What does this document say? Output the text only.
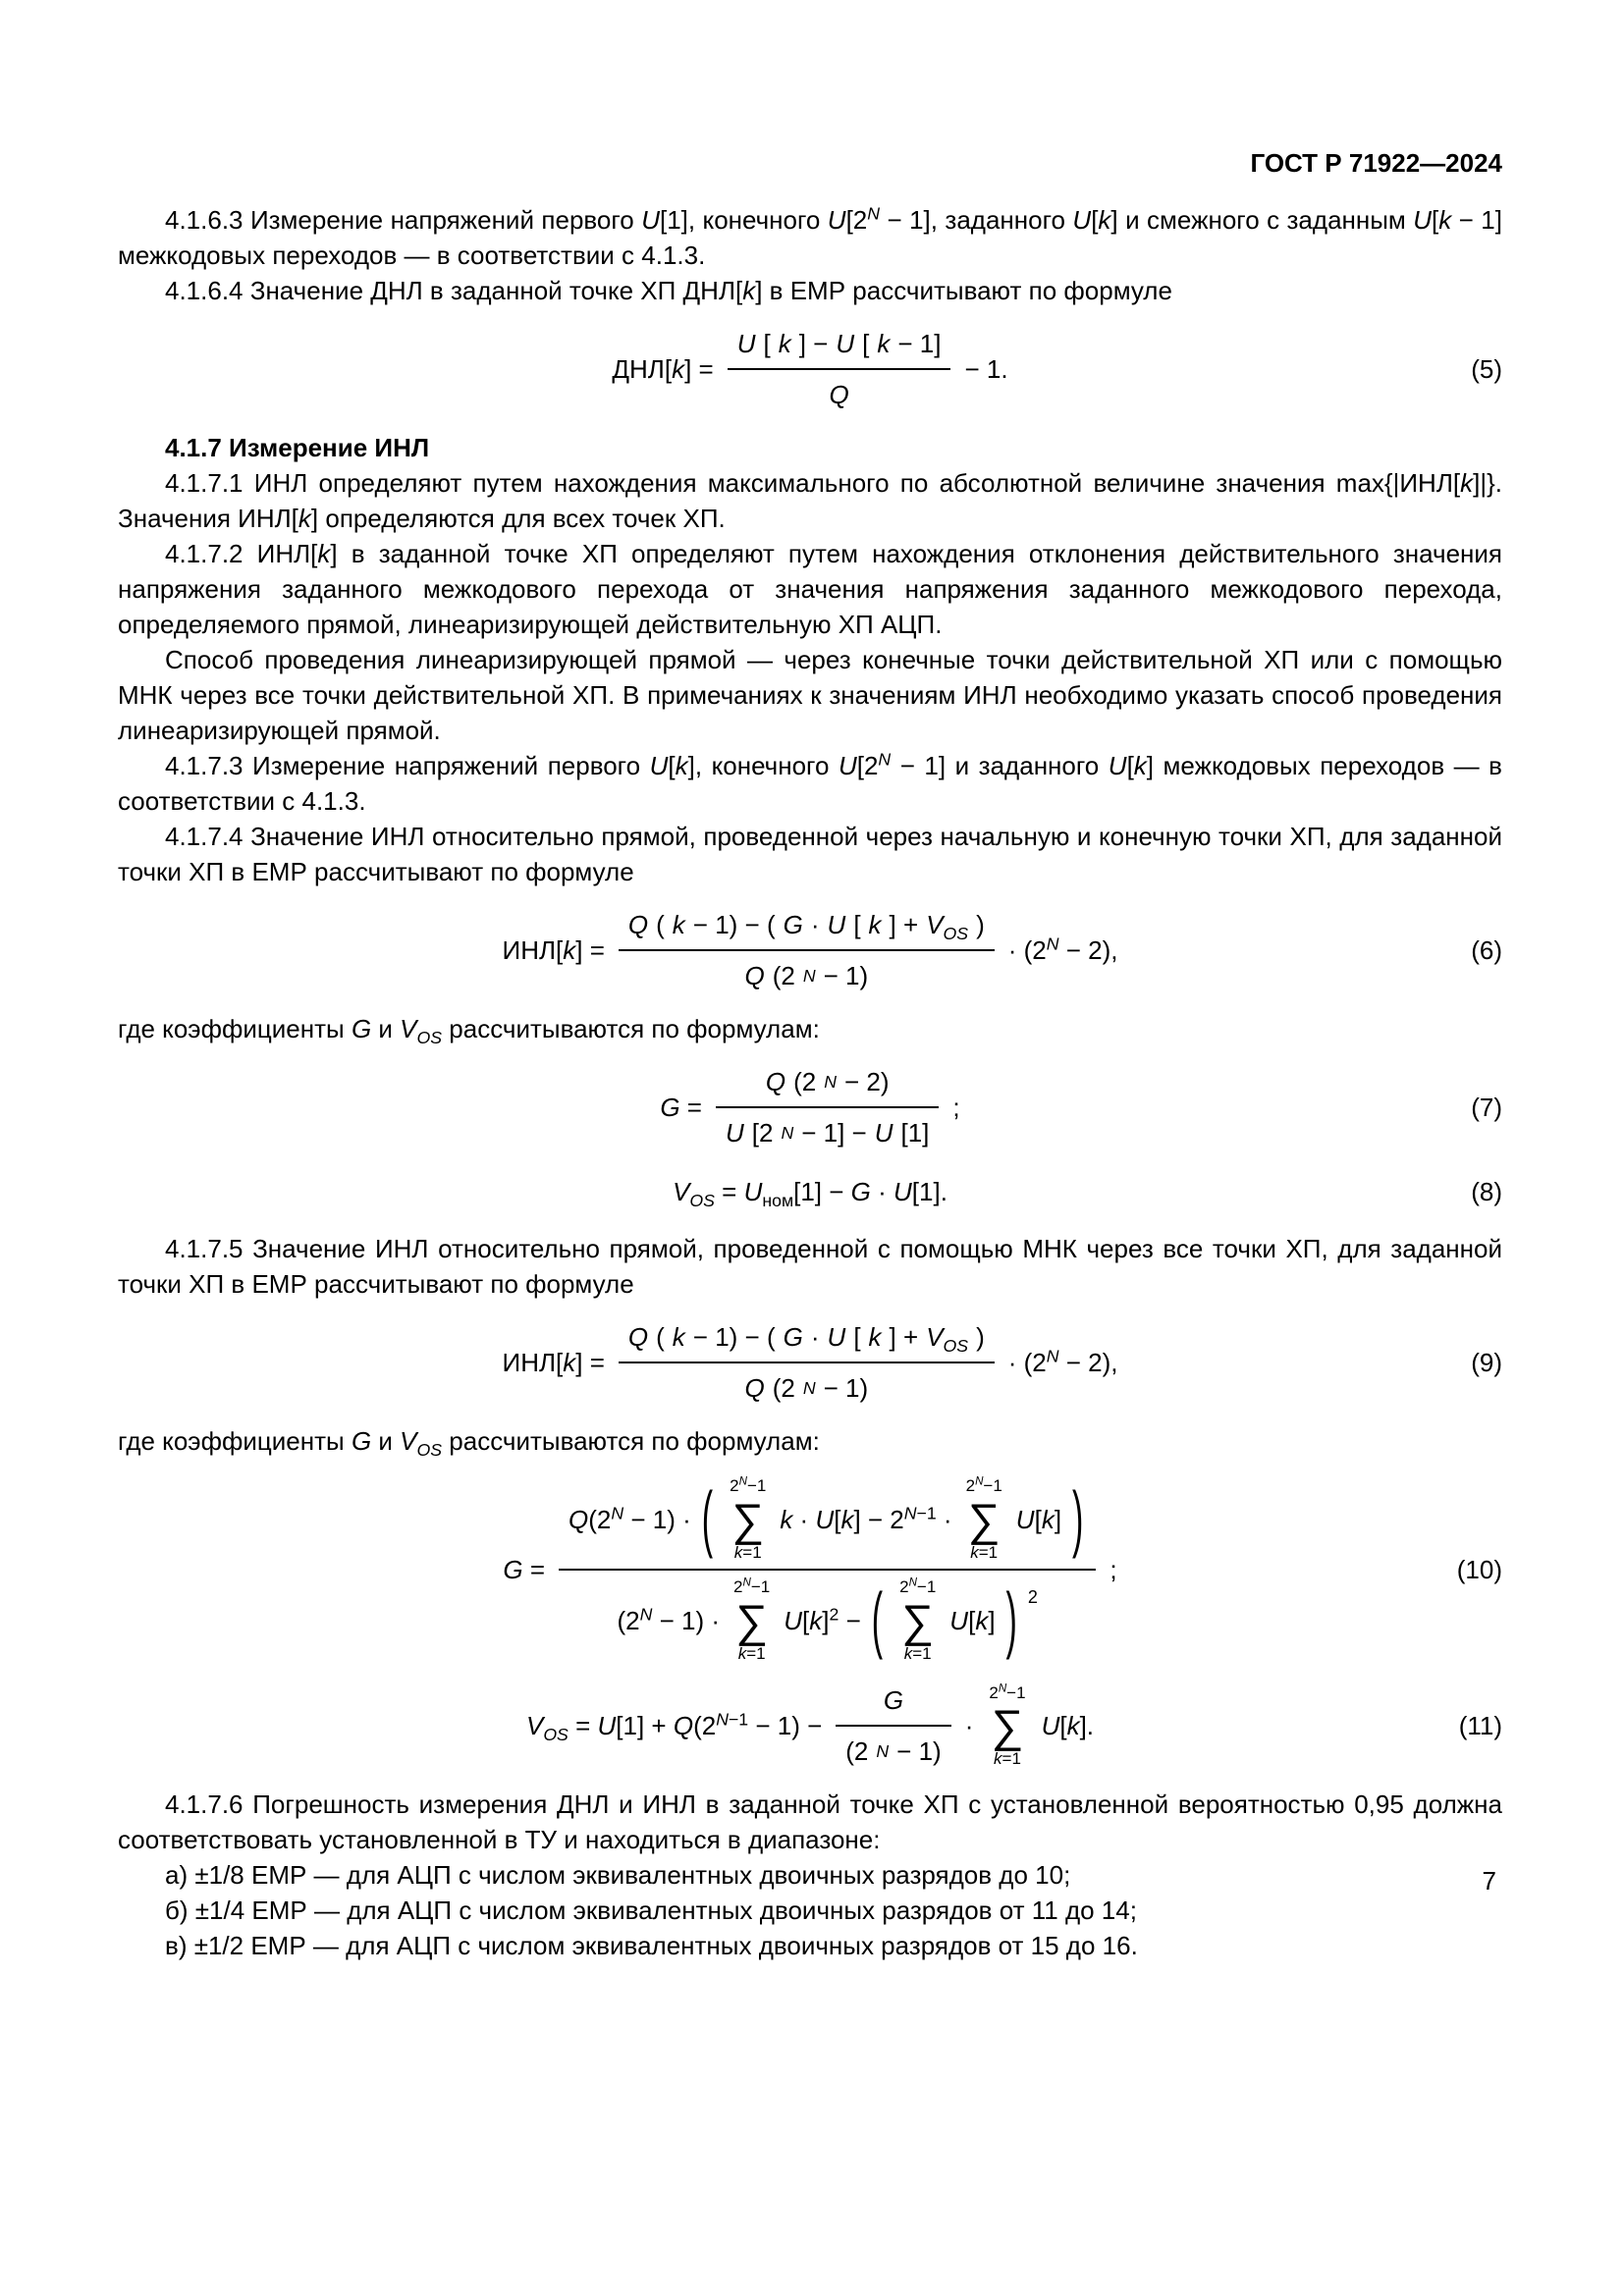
ГОСТ Р 71922—2024

4.1.6.3 Измерение напряжений первого U[1], конечного $U[2^N - 1]$, заданного U[k] и смежного с заданным U[k − 1] межкодовых переходов — в соответствии с 4.1.3.

4.1.6.4 Значение ДНЛ в заданной точке ХП ДНЛ[k] в ЕМР рассчитывают по формуле

$ДНЛ[k] = \frac{U [ k ] - U [ k - 1]}{Q} - 1$.	(5)

4.1.7 Измерение ИНЛ

4.1.7.1 ИНЛ определяют путем нахождения максимального по абсолютной величине значения max{|ИНЛ[k]|}. Значения ИНЛ[k] определяются для всех точек ХП.

4.1.7.2 ИНЛ[k] в заданной точке ХП определяют путем нахождения отклонения действительного значения напряжения заданного межкодового перехода от значения напряжения заданного межкодового перехода, определяемого прямой, линеаризирующей действительную ХП АЦП.

Способ проведения линеаризирующей прямой — через конечные точки действительной ХП или с помощью МНК через все точки действительной ХП. В примечаниях к значениям ИНЛ необходимо указать способ проведения линеаризирующей прямой.

4.1.7.3 Измерение напряжений первого U[k], конечного $U[2^N - 1]$ и заданного U[k] межкодовых переходов — в соответствии с 4.1.3.

4.1.7.4 Значение ИНЛ относительно прямой, проведенной через начальную и конечную точки ХП, для заданной точки ХП в ЕМР рассчитывают по формуле

$ИНЛ[k] = \frac{Q ( k - 1) - ( G \cdot U [ k ] + V_{OS} )}{Q (2 N - 1)} \cdot (2^N - 2)$,	(6)

где коэффициенты G и $V_{OS}$ рассчитываются по формулам:

$G = \frac{Q (2 N - 2)}{U [2 N - 1] - U [1]}$ ;	(7)
$V_{OS} = U_{ном}[1] - G \cdot U[1]$.	(8)

4.1.7.5 Значение ИНЛ относительно прямой, проведенной с помощью МНК через все точки ХП, для заданной точки ХП в ЕМР рассчитывают по формуле

$ИНЛ[k] = \frac{Q ( k - 1) - ( G \cdot U [ k ] + V_{OS} )}{Q (2 N - 1)} \cdot (2^N - 2)$,	(9)

где коэффициенты G и $V_{OS}$ рассчитываются по формулам:

G =
$Q(2^N - 1)$ · ( $2^N-1$
∑
k=1
$k \cdot U[k] - 2^{N-1}$ ·
$2^N-1$
∑
k=1
U[k] )
$(2^N - 1)$ ·
$2^N-1$
∑
k=1
$U[k]^2$ − ( $2^N-1$
∑
k=1
U[k] ) 2
;	(10)
$V_{OS} = U[1] + Q(2^{N-1} - 1) - \frac{G}{(2 N - 1)}$ ·
$2^N-1$
∑
k=1
U[k].	(11)

4.1.7.6 Погрешность измерения ДНЛ и ИНЛ в заданной точке ХП с установленной вероятностью 0,95 должна соответствовать установленной в ТУ и находиться в диапазоне:

а) ±1/8 ЕМР — для АЦП с числом эквивалентных двоичных разрядов до 10;

б) ±1/4 ЕМР — для АЦП с числом эквивалентных двоичных разрядов от 11 до 14;

в) ±1/2 ЕМР — для АЦП с числом эквивалентных двоичных разрядов от 15 до 16.

7
